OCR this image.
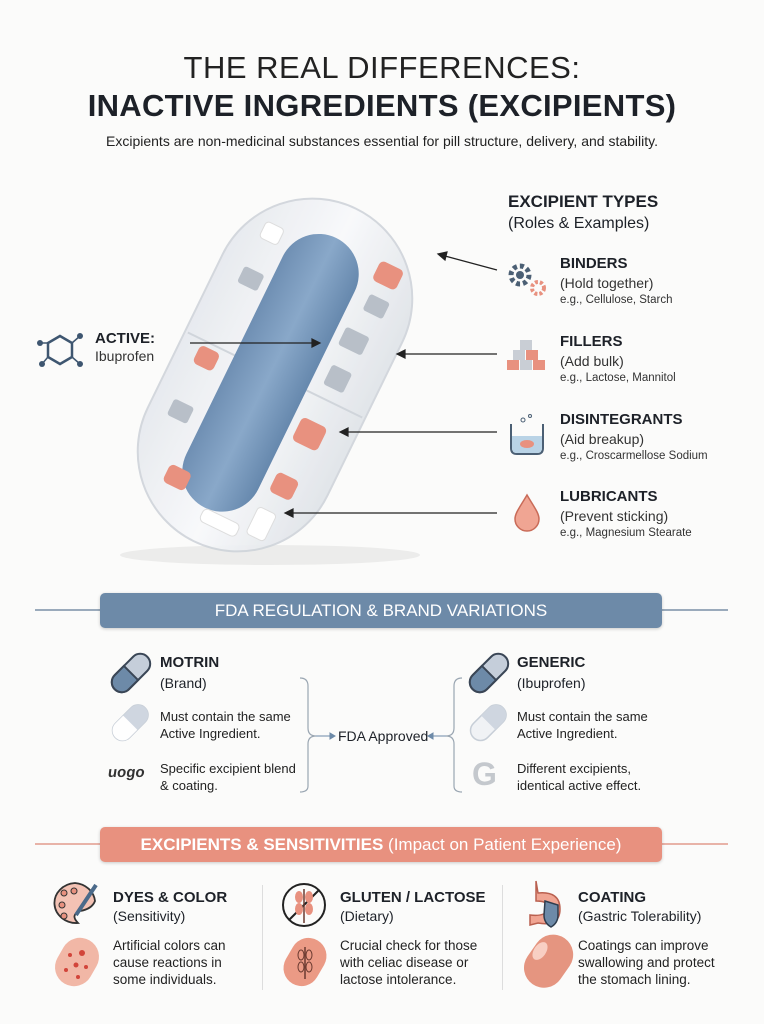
THE REAL DIFFERENCES:
INACTIVE INGREDIENTS (EXCIPIENTS)
Excipients are non-medicinal substances essential for pill structure, delivery, and stability.
ACTIVE:
Ibuprofen
EXCIPIENT TYPES
(Roles & Examples)
BINDERS
(Hold together)
e.g., Cellulose, Starch
FILLERS
(Add bulk)
e.g., Lactose, Mannitol
DISINTEGRANTS
(Aid breakup)
e.g., Croscarmellose Sodium
LUBRICANTS
(Prevent sticking)
e.g., Magnesium Stearate
FDA REGULATION & BRAND VARIATIONS
MOTRIN
(Brand)
Must contain the same Active Ingredient.
uogo Specific excipient blend & coating.
FDA Approved
GENERIC
(Ibuprofen)
Must contain the same Active Ingredient.
G Different excipients, identical active effect.
EXCIPIENTS & SENSITIVITIES
(Impact on Patient Experience)
DYES & COLOR
(Sensitivity)
Artificial colors can cause reactions in some individuals.
GLUTEN / LACTOSE
(Dietary)
Crucial check for those with celiac disease or lactose intolerance.
COATING
(Gastric Tolerability)
Coatings can improve swallowing and protect the stomach lining.
